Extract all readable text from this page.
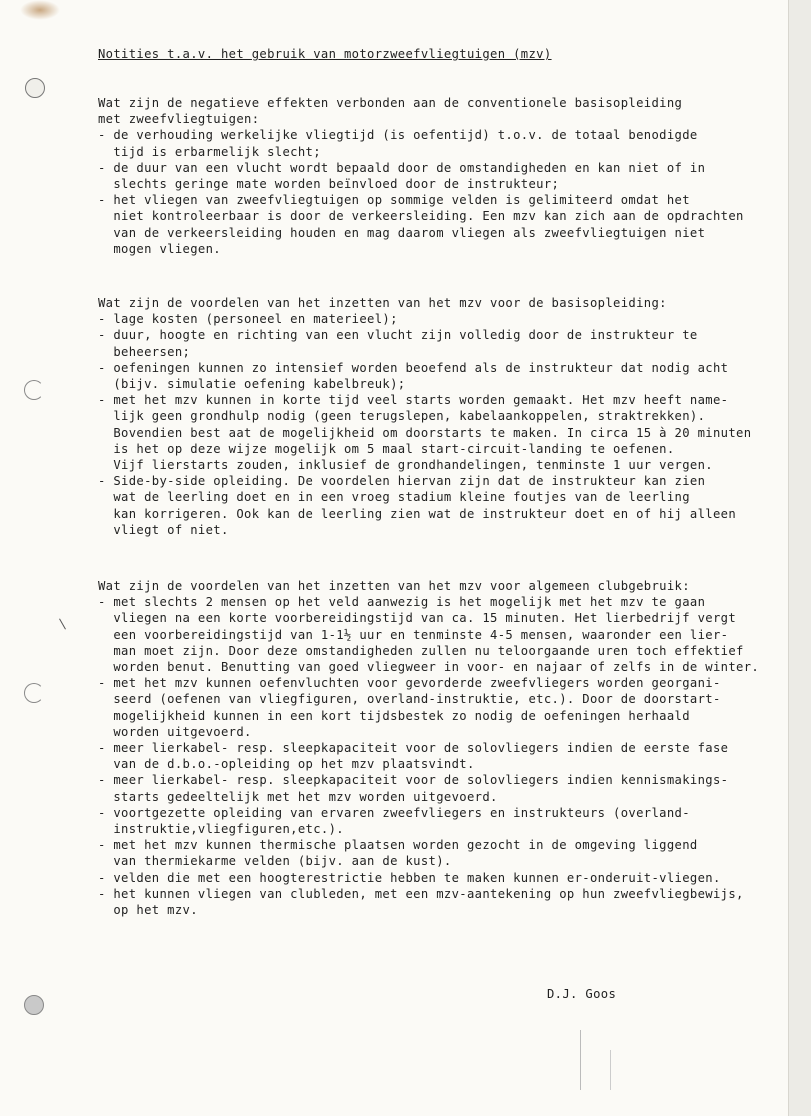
Notities t.a.v. het gebruik van motorzweefvliegtuigen (mzv)

Wat zijn de negatieve effekten verbonden aan de conventionele basisopleiding

met zweefvliegtuigen:

- de verhouding werkelijke vliegtijd (is oefentijd) t.o.v. de totaal benodigde

tijd is erbarmelijk slecht;

- de duur van een vlucht wordt bepaald door de omstandigheden en kan niet of in

slechts geringe mate worden beïnvloed door de instrukteur;

- het vliegen van zweefvliegtuigen op sommige velden is gelimiteerd omdat het

niet kontroleerbaar is door de verkeersleiding. Een mzv kan zich aan de opdrachten

van de verkeersleiding houden en mag daarom vliegen als zweefvliegtuigen niet

mogen vliegen.

Wat zijn de voordelen van het inzetten van het mzv voor de basisopleiding:

- lage kosten (personeel en materieel);

- duur, hoogte en richting van een vlucht zijn volledig door de instrukteur te

beheersen;

- oefeningen kunnen zo intensief worden beoefend als de instrukteur dat nodig acht

(bijv. simulatie oefening kabelbreuk);

- met het mzv kunnen in korte tijd veel starts worden gemaakt. Het mzv heeft name-

lijk geen grondhulp nodig (geen terugslepen, kabelaankoppelen, straktrekken).

Bovendien best aat de mogelijkheid om doorstarts te maken. In circa 15 à 20 minuten

is het op deze wijze mogelijk om 5 maal start-circuit-landing te oefenen.

Vijf lierstarts zouden, inklusief de grondhandelingen, tenminste 1 uur vergen.

- Side-by-side opleiding. De voordelen hiervan zijn dat de instrukteur kan zien

wat de leerling doet en in een vroeg stadium kleine foutjes van de leerling

kan korrigeren. Ook kan de leerling zien wat de instrukteur doet en of hij alleen

vliegt of niet.

Wat zijn de voordelen van het inzetten van het mzv voor algemeen clubgebruik:

- met slechts 2 mensen op het veld aanwezig is het mogelijk met het mzv te gaan

vliegen na een korte voorbereidingstijd van ca. 15 minuten. Het lierbedrijf vergt

een voorbereidingstijd van 1-1½ uur en tenminste 4-5 mensen, waaronder een lier-

man moet zijn. Door deze omstandigheden zullen nu teloorgaande uren toch effektief

worden benut. Benutting van goed vliegweer in voor- en najaar of zelfs in de winter.

- met het mzv kunnen oefenvluchten voor gevorderde zweefvliegers worden georgani-

seerd (oefenen van vliegfiguren, overland-instruktie, etc.). Door de doorstart-

mogelijkheid kunnen in een kort tijdsbestek zo nodig de oefeningen herhaald

worden uitgevoerd.

- meer lierkabel- resp. sleepkapaciteit voor de solovliegers indien de eerste fase

van de d.b.o.-opleiding op het mzv plaatsvindt.

- meer lierkabel- resp. sleepkapaciteit voor de solovliegers indien kennismakings-

starts gedeeltelijk met het mzv worden uitgevoerd.

- voortgezette opleiding van ervaren zweefvliegers en instrukteurs (overland-

instruktie,vliegfiguren,etc.).

- met het mzv kunnen thermische plaatsen worden gezocht in de omgeving liggend

van thermiekarme velden (bijv. aan de kust).

- velden die met een hoogterestrictie hebben te maken kunnen er-onderuit-vliegen.

- het kunnen vliegen van clubleden, met een mzv-aantekening op hun zweefvliegbewijs,

op het mzv.

D.J. Goos
